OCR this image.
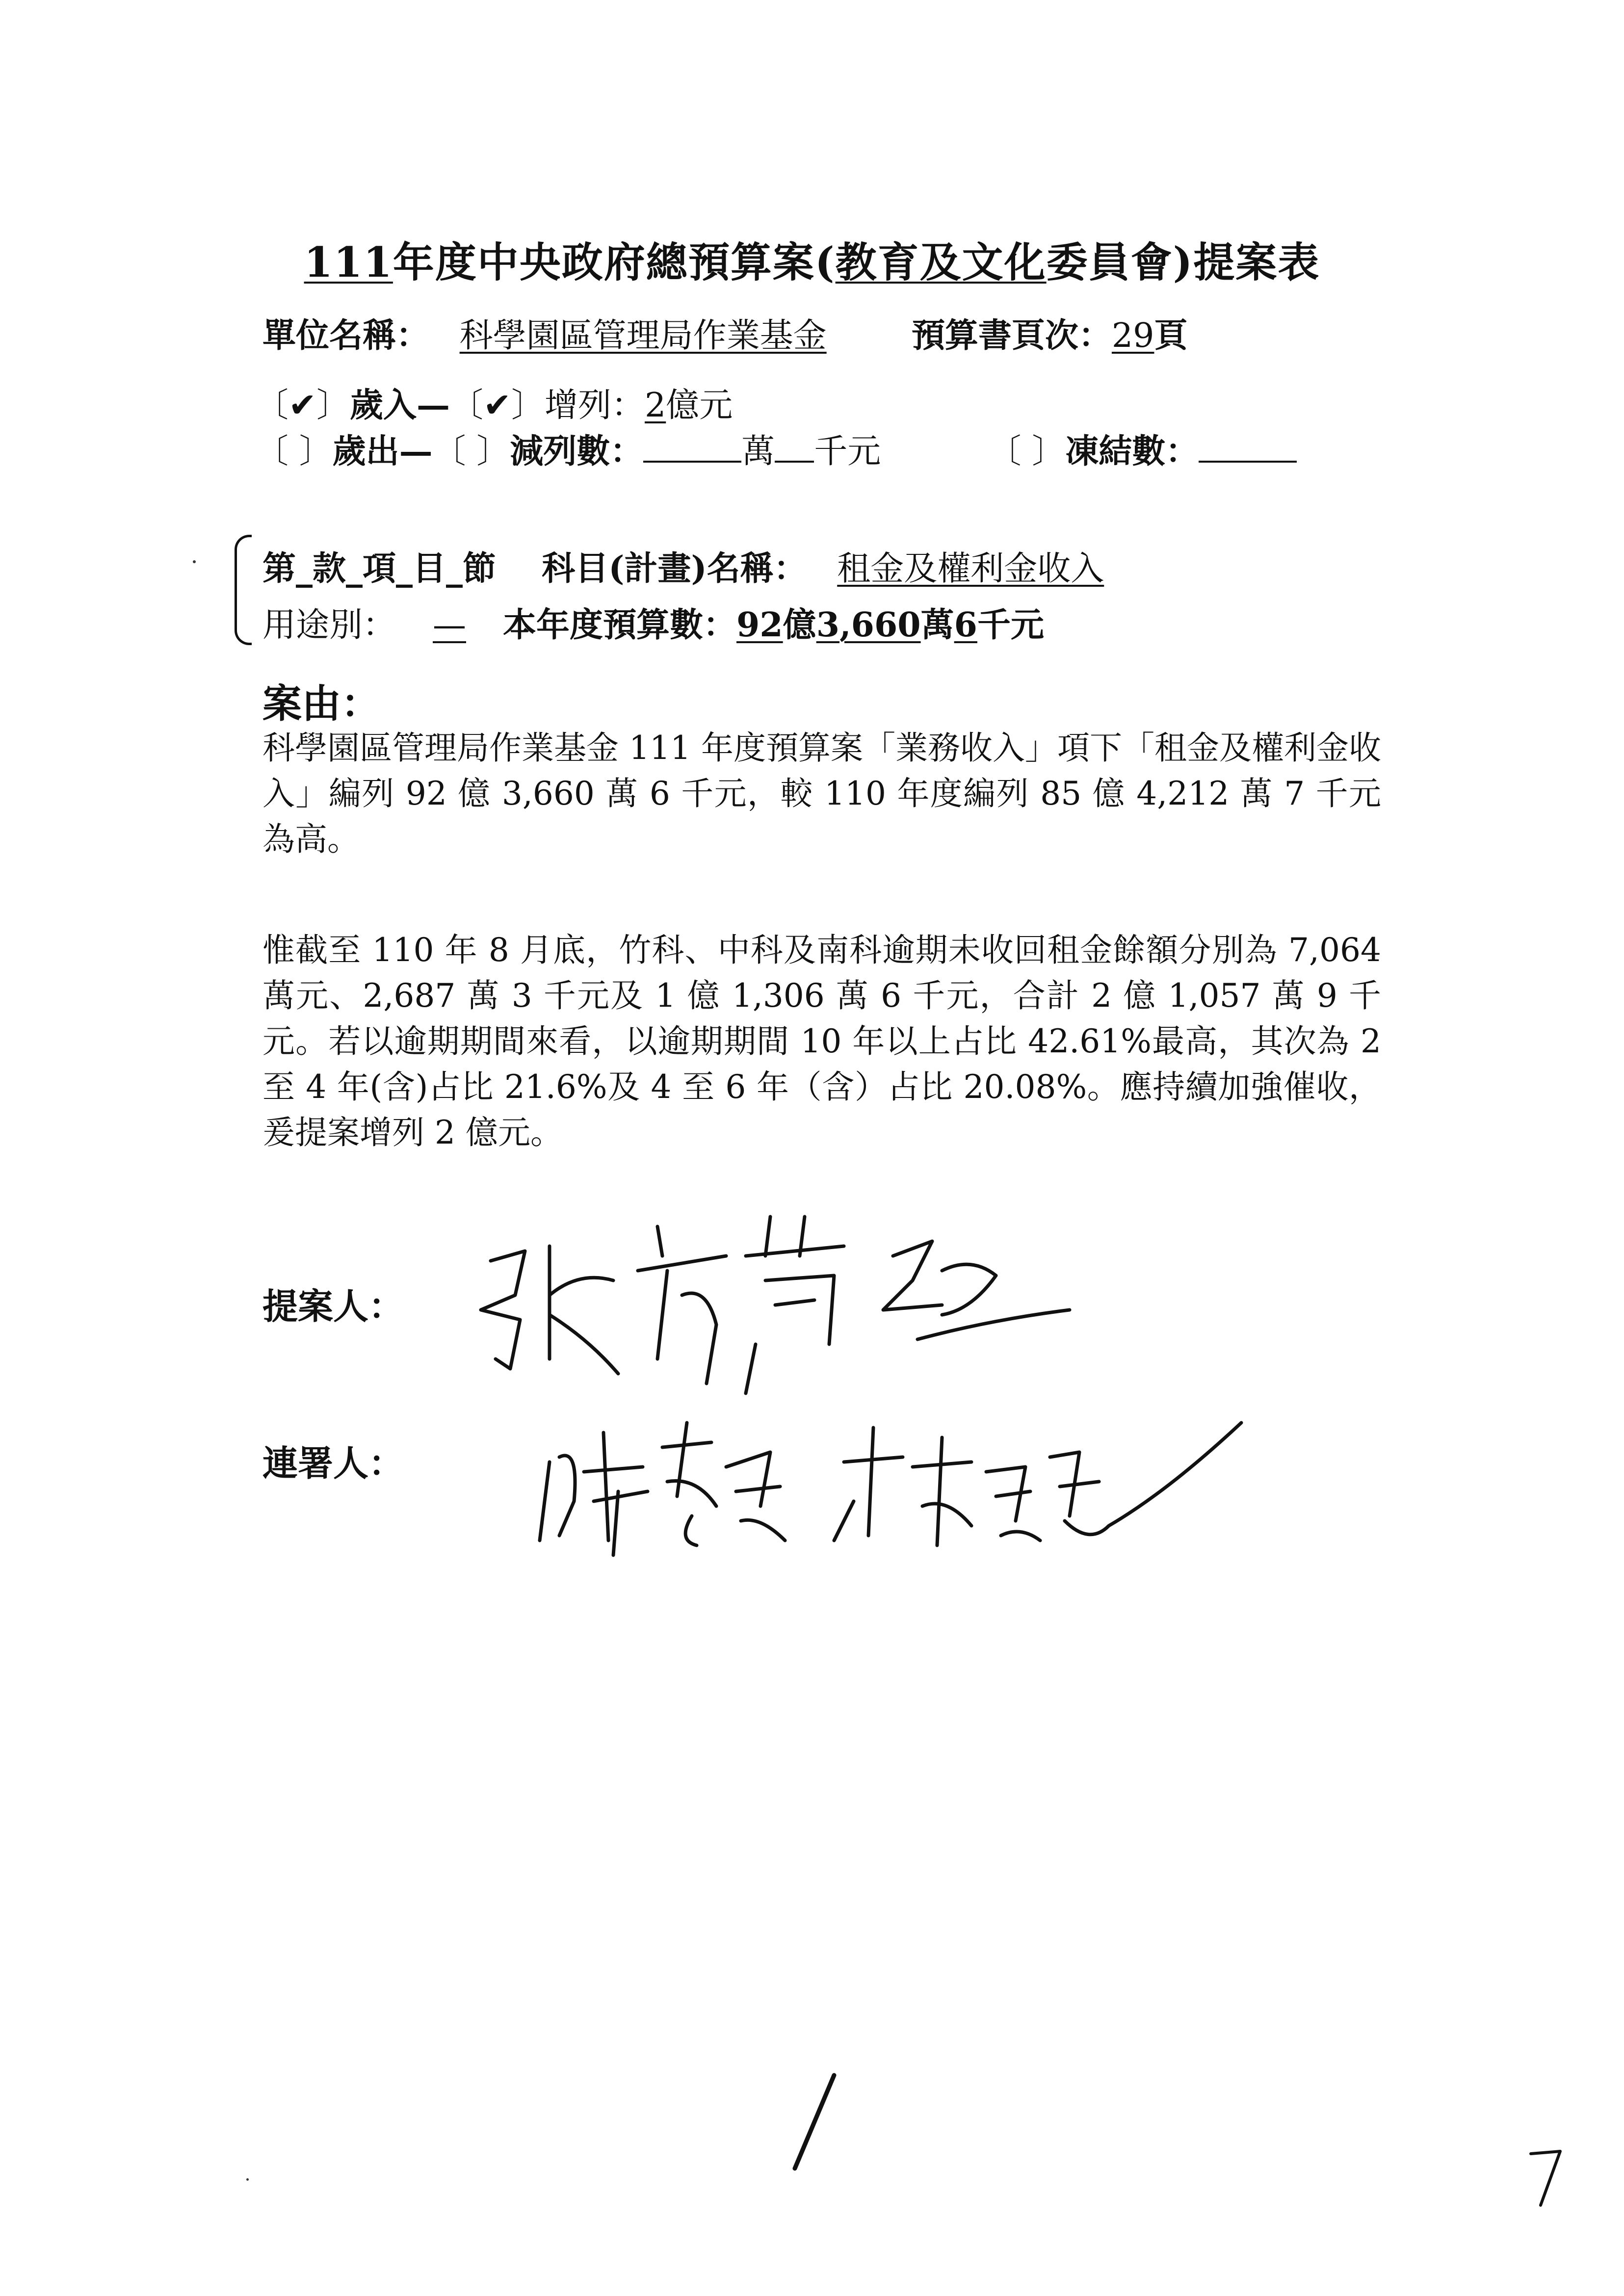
111年度中央政府總預算案(教育及文化委員會)提案表
單位名稱： 科學園區管理局作業基金	預算書頁次：29頁
〔✔〕歲入—〔✔〕增列：2億元
〔 〕歲出—〔 〕減列數：	萬 千元	〔 〕凍結數：
第_款_項_目_節 科目(計畫)名稱： 租金及權利金收入
用途別： — 本年度預算數：92億3,660萬6千元
案由：
科學園區管理局作業基金 111 年度預算案「業務收入」項下「租金及權利金收入」編列 92 億 3,660 萬 6 千元，較 110 年度編列 85 億 4,212 萬 7 千元為高。
惟截至 110 年 8 月底，竹科、中科及南科逾期未收回租金餘額分別為 7,064 萬元、2,687 萬 3 千元及 1 億 1,306 萬 6 千元，合計 2 億 1,057 萬 9 千元。若以逾期期間來看，以逾期期間 10 年以上占比 42.61%最高，其次為 2 至 4 年(含)占比 21.6%及 4 至 6 年（含）占比 20.08%。應持續加強催收，爰提案增列 2 億元。
提案人：
連署人：
